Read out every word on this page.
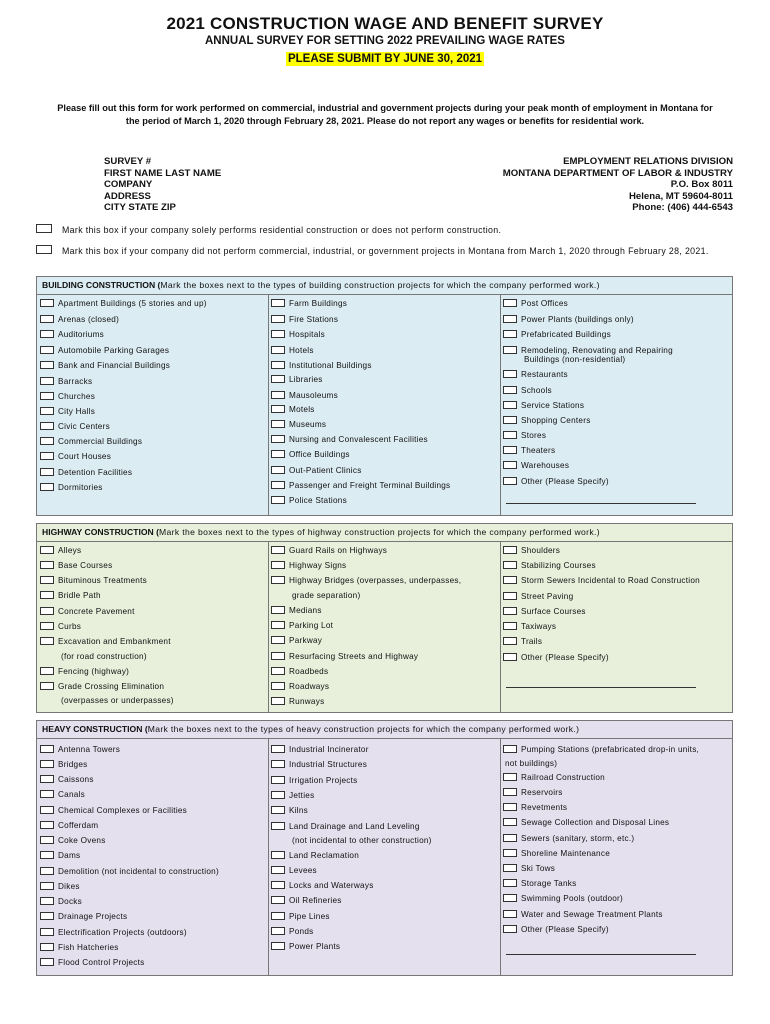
2021 CONSTRUCTION WAGE AND BENEFIT SURVEY
ANNUAL SURVEY FOR SETTING 2022 PREVAILING WAGE RATES
PLEASE SUBMIT BY JUNE 30, 2021
Please fill out this form for work performed on commercial, industrial and government projects during your peak month of employment in Montana for the period of March 1, 2020 through February 28, 2021. Please do not report any wages or benefits for residential work.
SURVEY #
FIRST NAME LAST NAME
COMPANY
ADDRESS
CITY STATE ZIP
EMPLOYMENT RELATIONS DIVISION
MONTANA DEPARTMENT OF LABOR & INDUSTRY
P.O. Box 8011
Helena, MT 59604-8011
Phone: (406) 444-6543
Mark this box if your company solely performs residential construction or does not perform construction.
Mark this box if your company did not perform commercial, industrial, or government projects in Montana from March 1, 2020 through February 28, 2021.
BUILDING CONSTRUCTION (Mark the boxes next to the types of building construction projects for which the company performed work.)
Apartment Buildings (5 stories and up)
Arenas (closed)
Auditoriums
Automobile Parking Garages
Bank and Financial Buildings
Barracks
Churches
City Halls
Civic Centers
Commercial Buildings
Court Houses
Detention Facilities
Dormitories
Farm Buildings
Fire Stations
Hospitals
Hotels
Institutional Buildings
Libraries
Mausoleums
Motels
Museums
Nursing and Convalescent Facilities
Office Buildings
Out-Patient Clinics
Passenger and Freight Terminal Buildings
Police Stations
Post Offices
Power Plants (buildings only)
Prefabricated Buildings
Remodeling, Renovating and Repairing
Buildings (non-residential)
Restaurants
Schools
Service Stations
Shopping Centers
Stores
Theaters
Warehouses
Other (Please Specify)
HIGHWAY CONSTRUCTION (Mark the boxes next to the types of highway construction projects for which the company performed work.)
Alleys
Base Courses
Bituminous Treatments
Bridle Path
Concrete Pavement
Curbs
Excavation and Embankment
(for road construction)
Fencing (highway)
Grade Crossing Elimination
(overpasses or underpasses)
Guard Rails on Highways
Highway Signs
Highway Bridges (overpasses, underpasses,
grade separation)
Medians
Parking Lot
Parkway
Resurfacing Streets and Highway
Roadbeds
Roadways
Runways
Shoulders
Stabilizing Courses
Storm Sewers Incidental to Road Construction
Street Paving
Surface Courses
Taxiways
Trails
Other (Please Specify)
HEAVY CONSTRUCTION (Mark the boxes next to the types of heavy construction projects for which the company performed work.)
Antenna Towers
Bridges
Caissons
Canals
Chemical Complexes or Facilities
Cofferdam
Coke Ovens
Dams
Demolition (not incidental to construction)
Dikes
Docks
Drainage Projects
Electrification Projects (outdoors)
Fish Hatcheries
Flood Control Projects
Industrial Incinerator
Industrial Structures
Irrigation Projects
Jetties
Kilns
Land Drainage and Land Leveling
(not incidental to other construction)
Land Reclamation
Levees
Locks and Waterways
Oil Refineries
Pipe Lines
Ponds
Power Plants
Pumping Stations (prefabricated drop-in units,
not buildings)
Railroad Construction
Reservoirs
Revetments
Sewage Collection and Disposal Lines
Sewers (sanitary, storm, etc.)
Shoreline Maintenance
Ski Tows
Storage Tanks
Swimming Pools (outdoor)
Water and Sewage Treatment Plants
Other (Please Specify)
